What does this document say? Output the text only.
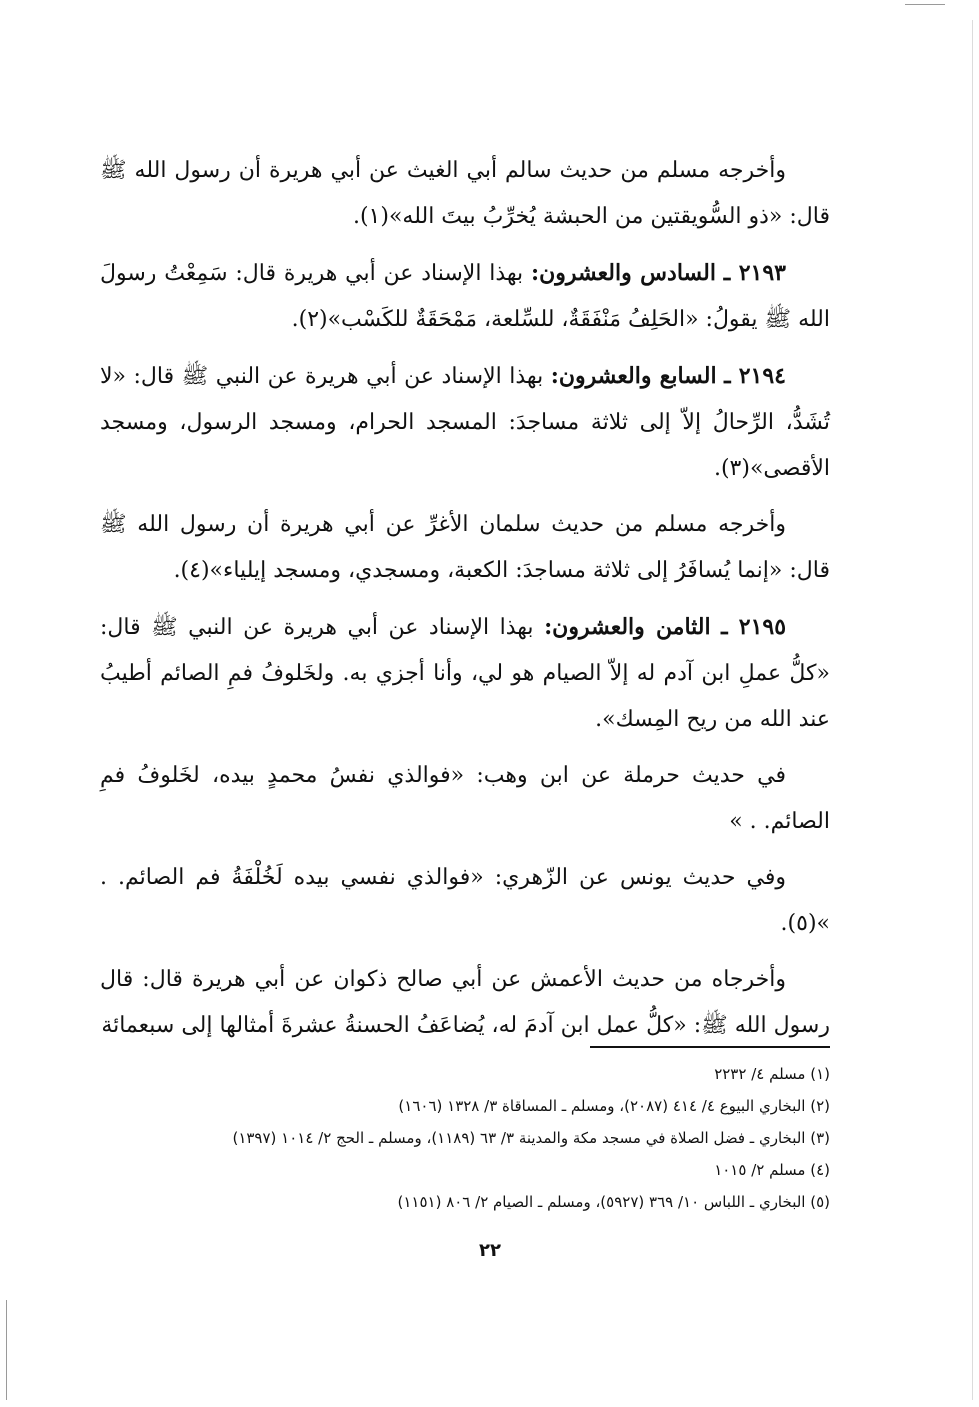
وأخرجه مسلم من حديث سالم أبي الغيث عن أبي هريرة أن رسول الله ﷺ قال: «ذو السُّويقتين من الحبشة يُخرِّبُ بيتَ الله»(١).

٢١٩٣ ـ السادس والعشرون: بهذا الإسناد عن أبي هريرة قال: سَمِعْتُ رسولَ الله ﷺ يقولُ: «الحَلِفُ مَنْفَقَةٌ، للسِّلعة، مَمْحَقَةٌ للكَسْب»(٢).

٢١٩٤ ـ السابع والعشرون: بهذا الإسناد عن أبي هريرة عن النبي ﷺ قال: «لا تُشَدُّ، الرِّحالُ إلاّ إلى ثلاثة مساجدَ: المسجد الحرام، ومسجد الرسول، ومسجد الأقصى»(٣).

وأخرجه مسلم من حديث سلمان الأغرِّ عن أبي هريرة أن رسول الله ﷺ قال: «إنما يُسافَرُ إلى ثلاثة مساجدَ: الكعبة، ومسجدي، ومسجد إيلياء»(٤).

٢١٩٥ ـ الثامن والعشرون: بهذا الإسناد عن أبي هريرة عن النبي ﷺ قال: «كلُّ عملِ ابن آدم له إلاّ الصيام هو لي، وأنا أجزي به. ولخَلوفُ فمِ الصائم أطيبُ عند الله من ريح المِسك».

في حديث حرملة عن ابن وهب: «فوالذي نفسُ محمدٍ بيده، لخَلوفُ فمِ الصائم. . »

وفي حديث يونس عن الزّهري: «فوالذي نفسي بيده لَخُلْفَةُ فم الصائم. . »(٥).

وأخرجاه من حديث الأعمش عن أبي صالح ذكوان عن أبي هريرة قال: قال رسول الله ﷺ: «كلُّ عمل ابن آدمَ له، يُضاعَفُ الحسنةُ عشرةَ أمثالها إلى سبعمائة

(١) مسلم ٤/ ٢٢٣٢

(٢) البخاري البيوع ٤/ ٤١٤ (٢٠٨٧)، ومسلم ـ المساقاة ٣/ ١٣٢٨ (١٦٠٦)

(٣) البخاري ـ فضل الصلاة في مسجد مكة والمدينة ٣/ ٦٣ (١١٨٩)، ومسلم ـ الحج ٢/ ١٠١٤ (١٣٩٧)

(٤) مسلم ٢/ ١٠١٥

(٥) البخاري ـ اللباس ١٠/ ٣٦٩ (٥٩٢٧)، ومسلم ـ الصيام ٢/ ٨٠٦ (١١٥١)

٢٢
